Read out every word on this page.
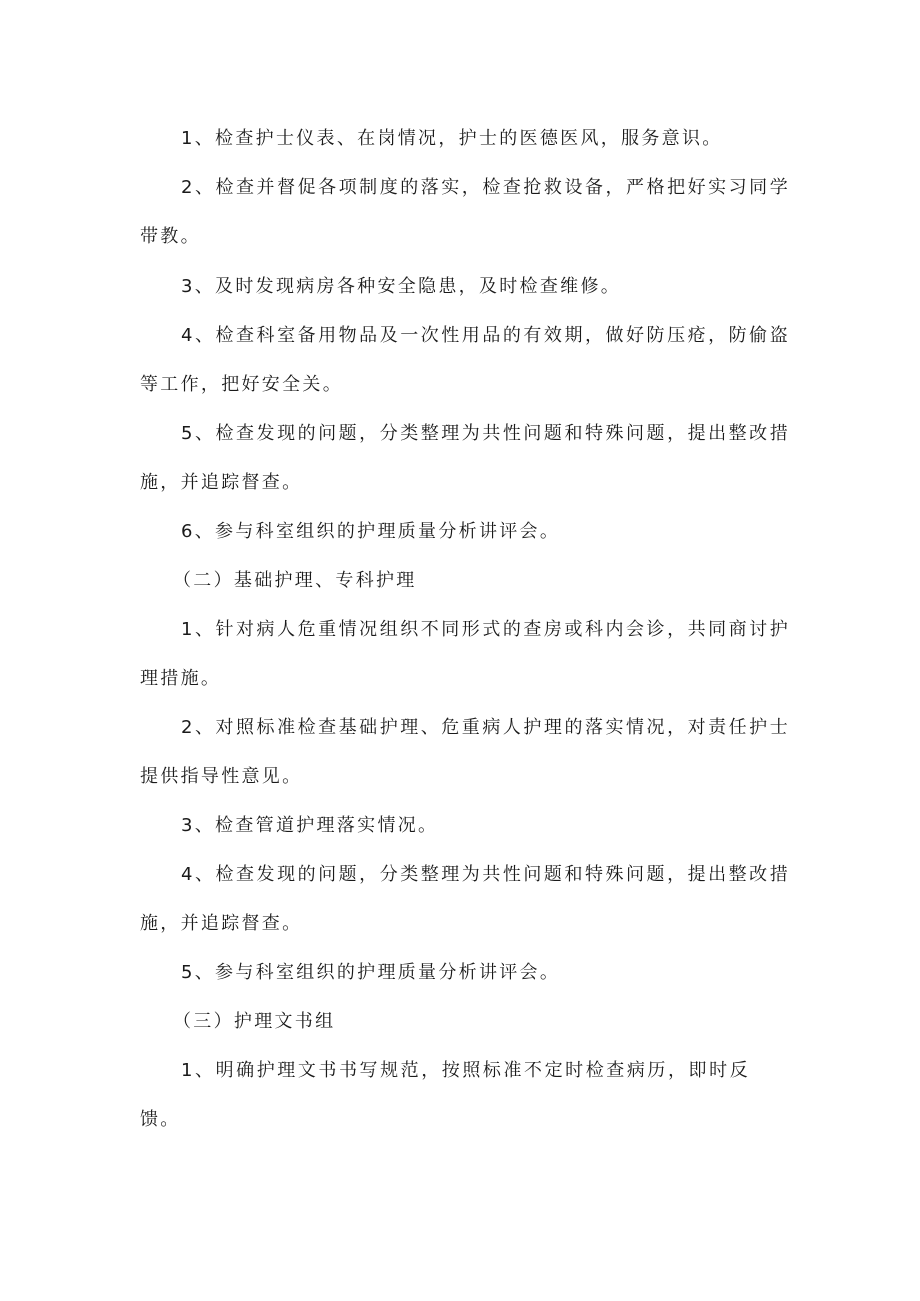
1、检查护士仪表、在岗情况，护士的医德医风，服务意识。

2、检查并督促各项制度的落实，检查抢救设备，严格把好实习同学带教。

3、及时发现病房各种安全隐患，及时检查维修。

4、检查科室备用物品及一次性用品的有效期，做好防压疮，防偷盗等工作，把好安全关。

5、检查发现的问题，分类整理为共性问题和特殊问题，提出整改措施，并追踪督查。

6、参与科室组织的护理质量分析讲评会。

（二）基础护理、专科护理

1、针对病人危重情况组织不同形式的查房或科内会诊，共同商讨护理措施。

2、对照标准检查基础护理、危重病人护理的落实情况，对责任护士提供指导性意见。

3、检查管道护理落实情况。

4、检查发现的问题，分类整理为共性问题和特殊问题，提出整改措施，并追踪督查。

5、参与科室组织的护理质量分析讲评会。

（三）护理文书组

1、明确护理文书书写规范，按照标准不定时检查病历，即时反馈。
